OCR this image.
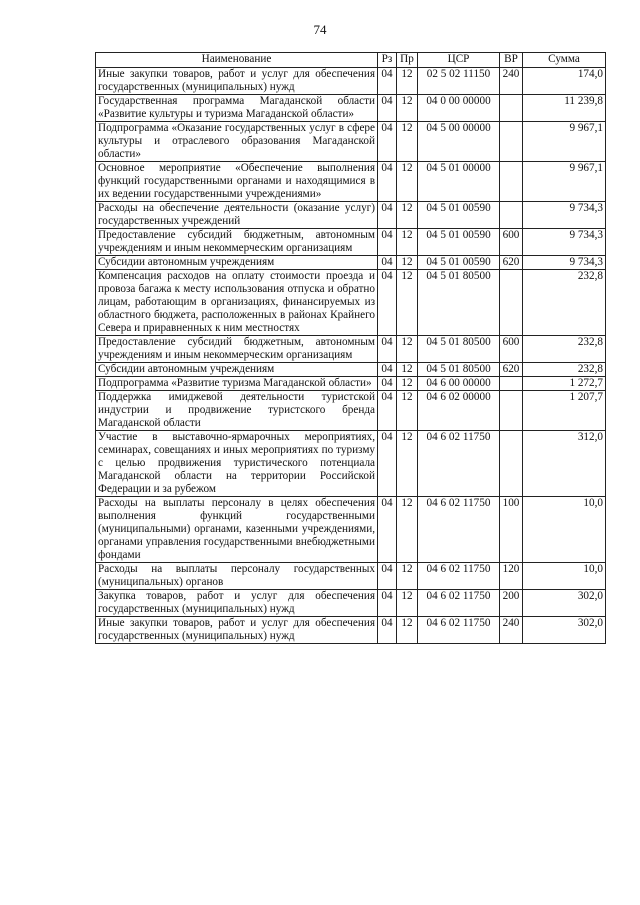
74
Наименование	Рз	Пр	ЦСР	ВР	Сумма
Иные закупки товаров, работ и услуг для обеспечения государственных (муниципальных) нужд	04	12	02 5 02 11150	240	174,0
Государственная программа Магаданской области «Развитие культуры и туризма Магаданской области»	04	12	04 0 00 00000		11 239,8
Подпрограмма «Оказание государственных услуг в сфере культуры и отраслевого образования Магаданской области»	04	12	04 5 00 00000		9 967,1
Основное мероприятие «Обеспечение выполнения функций государственными органами и находящимися в их ведении государственными учреждениями»	04	12	04 5 01 00000		9 967,1
Расходы на обеспечение деятельности (оказание услуг) государственных учреждений	04	12	04 5 01 00590		9 734,3
Предоставление субсидий бюджетным, автономным учреждениям и иным некоммерческим организациям	04	12	04 5 01 00590	600	9 734,3
Субсидии автономным учреждениям	04	12	04 5 01 00590	620	9 734,3
Компенсация расходов на оплату стоимости проезда и провоза багажа к месту использования отпуска и обратно лицам, работающим в организациях, финансируемых из областного бюджета, расположенных в районах Крайнего Севера и приравненных к ним местностях	04	12	04 5 01 80500		232,8
Предоставление субсидий бюджетным, автономным учреждениям и иным некоммерческим организациям	04	12	04 5 01 80500	600	232,8
Субсидии автономным учреждениям	04	12	04 5 01 80500	620	232,8
Подпрограмма «Развитие туризма Магаданской области»	04	12	04 6 00 00000		1 272,7
Поддержка имиджевой деятельности туристской индустрии и продвижение туристского бренда Магаданской области	04	12	04 6 02 00000		1 207,7
Участие в выставочно-ярмарочных мероприятиях, семинарах, совещаниях и иных мероприятиях по туризму с целью продвижения туристического потенциала Магаданской области на территории Российской Федерации и за рубежом	04	12	04 6 02 11750		312,0
Расходы на выплаты персоналу в целях обеспечения выполнения функций государственными (муниципальными) органами, казенными учреждениями, органами управления государственными внебюджетными фондами	04	12	04 6 02 11750	100	10,0
Расходы на выплаты персоналу государственных (муниципальных) органов	04	12	04 6 02 11750	120	10,0
Закупка товаров, работ и услуг для обеспечения государственных (муниципальных) нужд	04	12	04 6 02 11750	200	302,0
Иные закупки товаров, работ и услуг для обеспечения государственных (муниципальных) нужд	04	12	04 6 02 11750	240	302,0
